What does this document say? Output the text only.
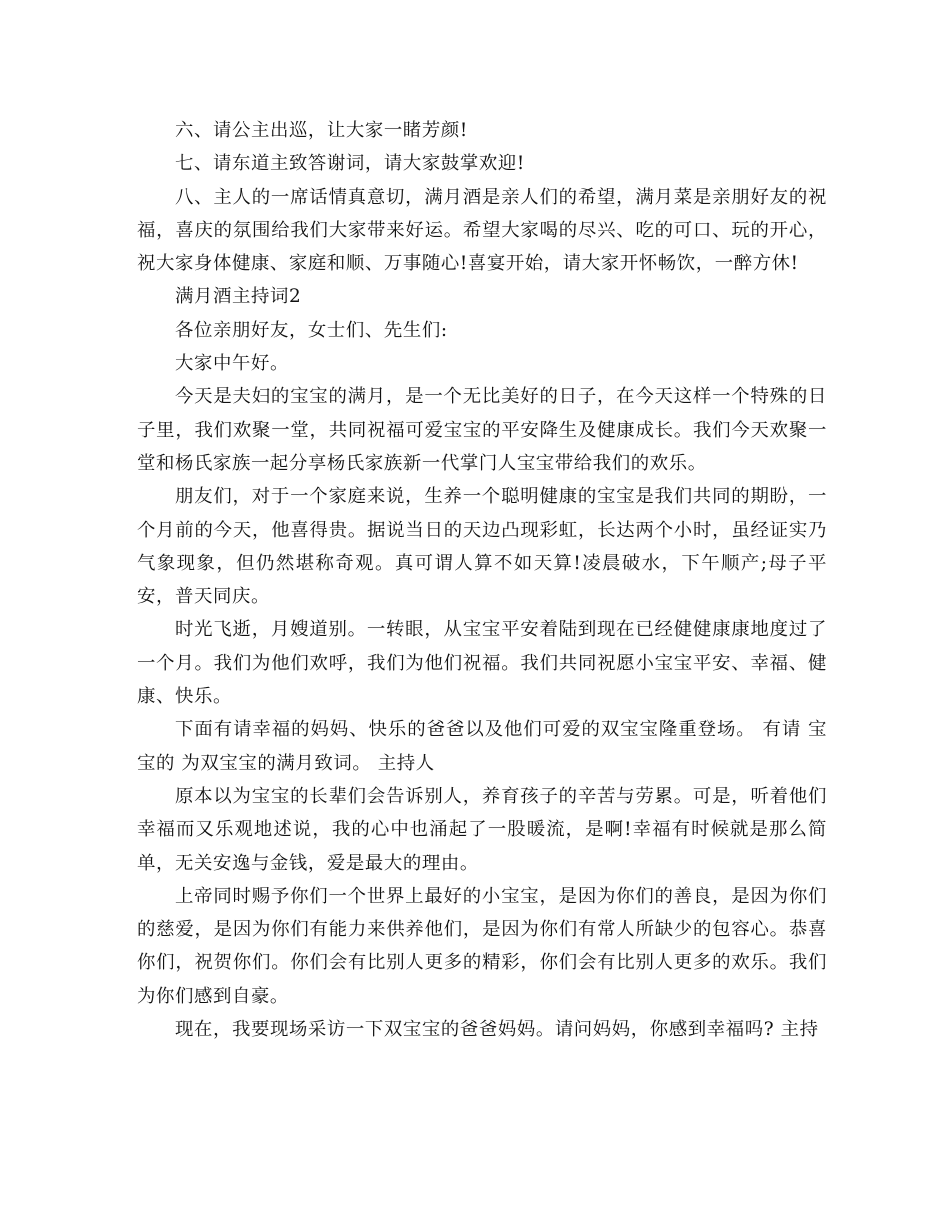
六、请公主出巡，让大家一睹芳颜!

七、请东道主致答谢词，请大家鼓掌欢迎!

八、主人的一席话情真意切，满月酒是亲人们的希望，满月菜是亲朋好友的祝福，喜庆的氛围给我们大家带来好运。希望大家喝的尽兴、吃的可口、玩的开心，祝大家身体健康、家庭和顺、万事随心!喜宴开始，请大家开怀畅饮，一醉方休!

满月酒主持词2

各位亲朋好友，女士们、先生们:

大家中午好。

今天是夫妇的宝宝的满月，是一个无比美好的日子，在今天这样一个特殊的日子里，我们欢聚一堂，共同祝福可爱宝宝的平安降生及健康成长。我们今天欢聚一堂和杨氏家族一起分享杨氏家族新一代掌门人宝宝带给我们的欢乐。

朋友们，对于一个家庭来说，生养一个聪明健康的宝宝是我们共同的期盼，一个月前的今天，他喜得贵。据说当日的天边凸现彩虹，长达两个小时，虽经证实乃气象现象，但仍然堪称奇观。真可谓人算不如天算!凌晨破水，下午顺产;母子平安，普天同庆。

时光飞逝，月嫂道别。一转眼，从宝宝平安着陆到现在已经健健康康地度过了一个月。我们为他们欢呼，我们为他们祝福。我们共同祝愿小宝宝平安、幸福、健康、快乐。

下面有请幸福的妈妈、快乐的爸爸以及他们可爱的双宝宝隆重登场。 有请 宝宝的 为双宝宝的满月致词。 主持人

原本以为宝宝的长辈们会告诉别人，养育孩子的辛苦与劳累。可是，听着他们幸福而又乐观地述说，我的心中也涌起了一股暖流，是啊!幸福有时候就是那么简单，无关安逸与金钱，爱是最大的理由。

上帝同时赐予你们一个世界上最好的小宝宝，是因为你们的善良，是因为你们的慈爱，是因为你们有能力来供养他们，是因为你们有常人所缺少的包容心。恭喜你们，祝贺你们。你们会有比别人更多的精彩，你们会有比别人更多的欢乐。我们为你们感到自豪。

现在，我要现场采访一下双宝宝的爸爸妈妈。请问妈妈，你感到幸福吗? 主持
